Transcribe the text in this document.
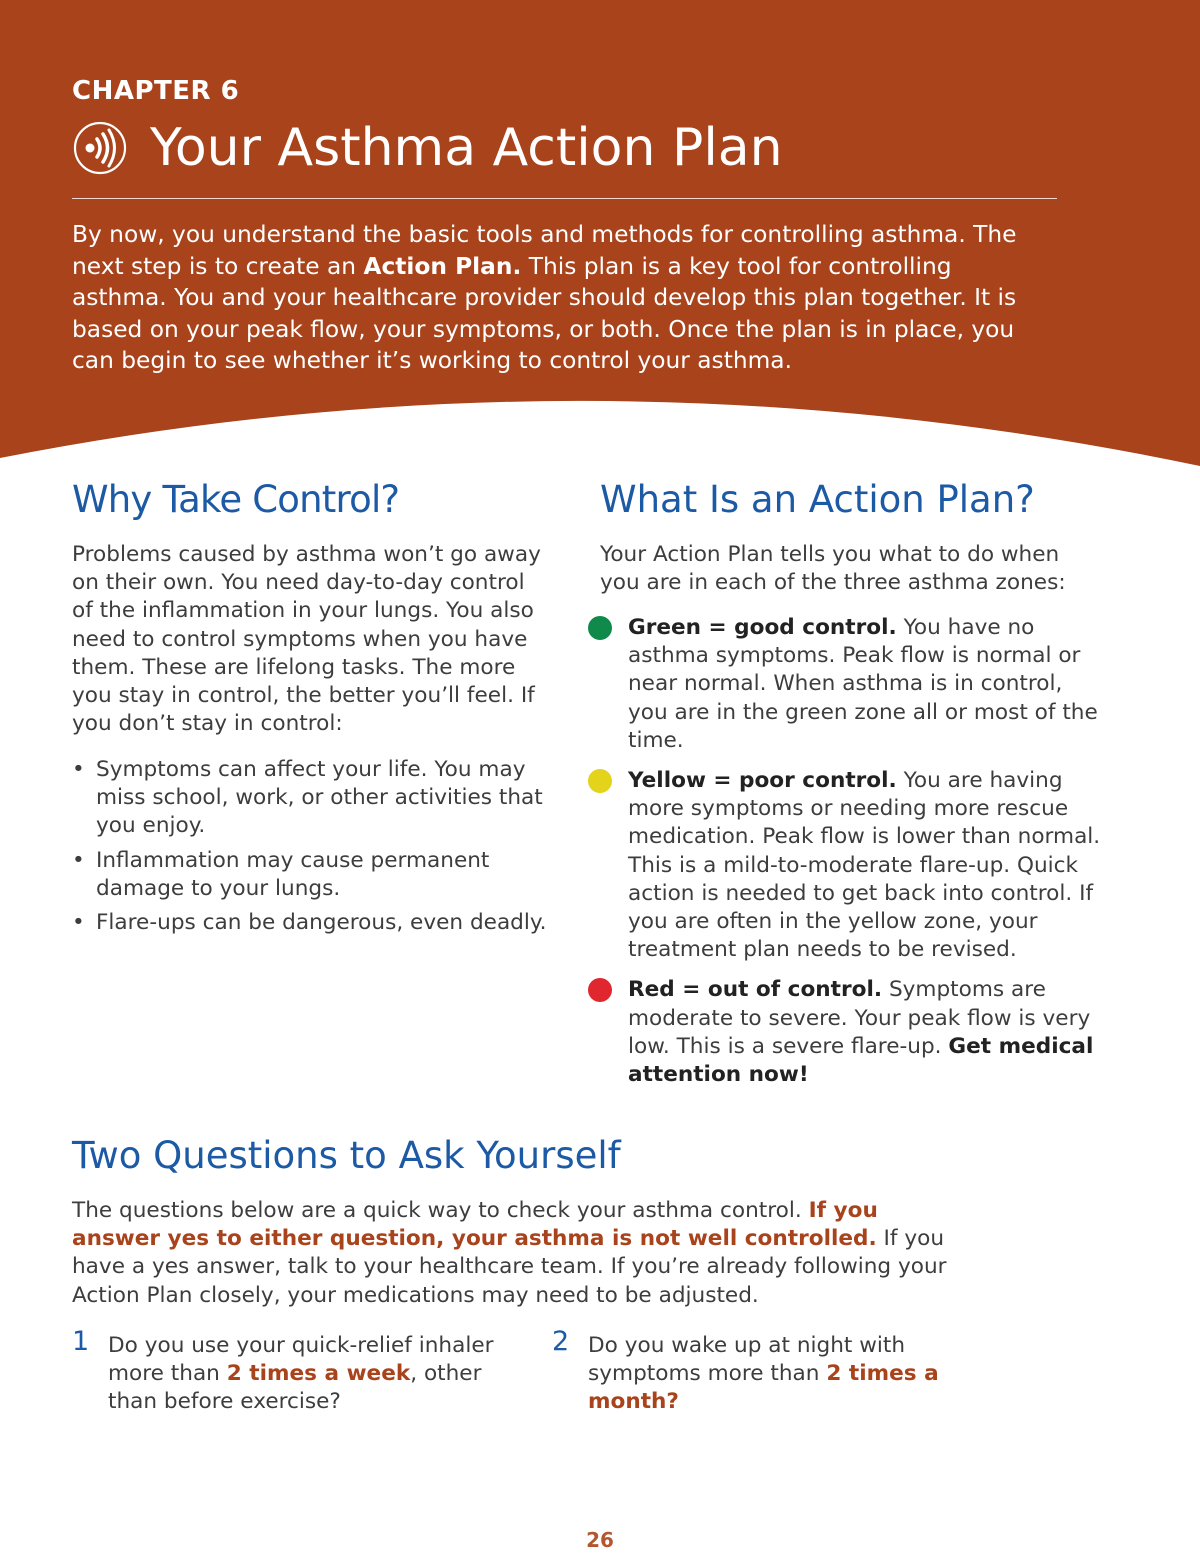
CHAPTER 6

Your Asthma Action Plan

By now, you understand the basic tools and methods for controlling asthma. The next step is to create an Action Plan. This plan is a key tool for controlling asthma. You and your healthcare provider should develop this plan together. It is based on your peak flow, your symptoms, or both. Once the plan is in place, you can begin to see whether it’s working to control your asthma.

Why Take Control?

Problems caused by asthma won’t go away on their own. You need day-to-day control of the inflammation in your lungs. You also need to control symptoms when you have them. These are lifelong tasks. The more you stay in control, the better you’ll feel. If you don’t stay in control:

• Symptoms can affect your life. You may miss school, work, or other activities that you enjoy.
• Inflammation may cause permanent damage to your lungs.
• Flare-ups can be dangerous, even deadly.
What Is an Action Plan?

Your Action Plan tells you what to do when you are in each of the three asthma zones:

Green = good control. You have no asthma symptoms. Peak flow is normal or near normal. When asthma is in control, you are in the green zone all or most of the time.
Yellow = poor control. You are having more symptoms or needing more rescue medication. Peak flow is lower than normal. This is a mild-to-moderate flare-up. Quick action is needed to get back into control. If you are often in the yellow zone, your treatment plan needs to be revised.
Red = out of control. Symptoms are moderate to severe. Your peak flow is very low. This is a severe flare-up. Get medical attention now!
Two Questions to Ask Yourself

The questions below are a quick way to check your asthma control. If you answer yes to either question, your asthma is not well controlled. If you have a yes answer, talk to your healthcare team. If you’re already following your Action Plan closely, your medications may need to be adjusted.

1 Do you use your quick-relief inhaler more than 2 times a week, other than before exercise?

2 Do you wake up at night with symptoms more than 2 times a month?

26
